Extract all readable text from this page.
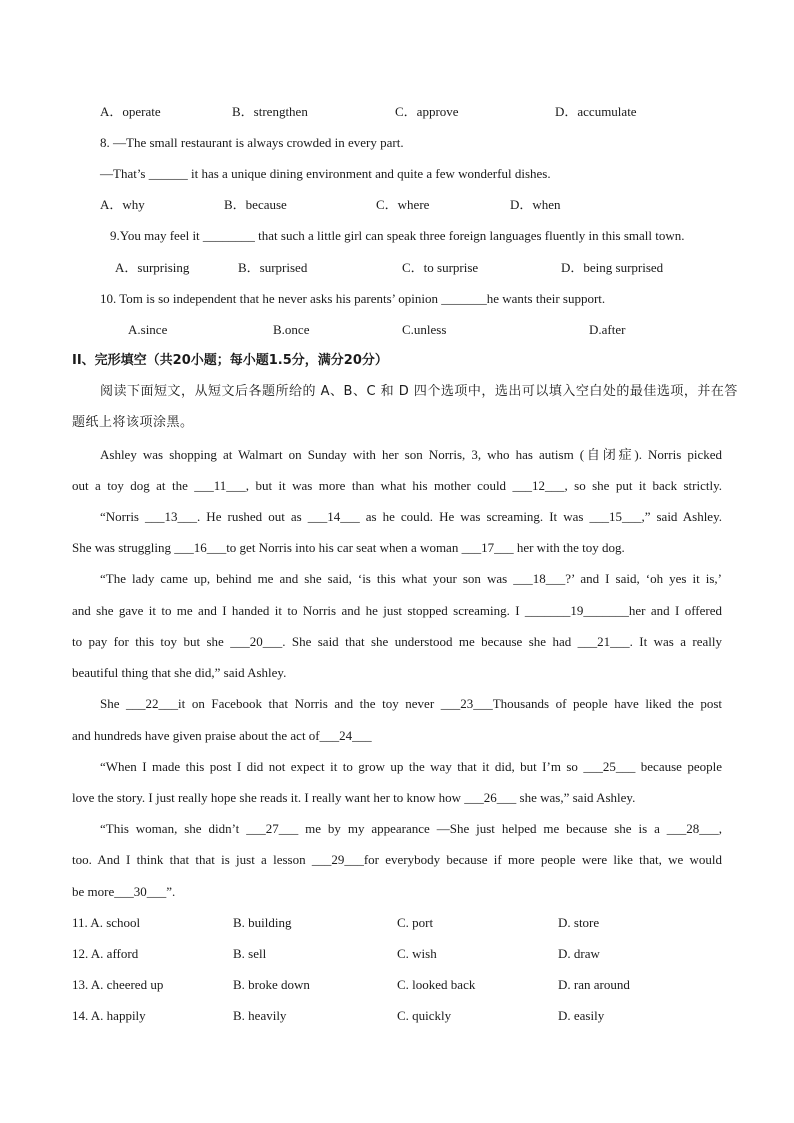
A．operate	B．strengthen	C．approve	D．accumulate
8. —The small restaurant is always crowded in every part.
—That’s ______ it has a unique dining environment and quite a few wonderful dishes.
A．why	B．because	C．where	D．when
9.You may feel it ________ that such a little girl can speak three foreign languages fluently in this small town.
A．surprising	B．surprised	C．to surprise	D．being surprised
10. Tom is so independent that he never asks his parents’ opinion _______he wants their support.
A.since	B.once	C.unless	D.after
II、完形填空（共20小题；每小题1.5分，满分20分）
阅读下面短文，从短文后各题所给的 A、B、C 和 D 四个选项中，选出可以填入空白处的最佳选项，并在答
题纸上将该项涂黑。
Ashley was shopping at Walmart on Sunday with her son Norris, 3, who has autism (自闭症). Norris picked
out a toy dog at the ___11___, but it was more than what his mother could ___12___, so she put it back strictly.
“Norris ___13___. He rushed out as ___14___ as he could. He was screaming. It was ___15___,” said Ashley.
She was struggling ___16___to get Norris into his car seat when a woman ___17___ her with the toy dog.
“The lady came up, behind me and she said, ‘is this what your son was ___18___?’ and I said, ‘oh yes it is,’
and she gave it to me and I handed it to Norris and he just stopped screaming. I _______19_______her and I offered
to pay for this toy but she ___20___. She said that she understood me because she had ___21___. It was a really
beautiful thing that she did,” said Ashley.
She ___22___it on Facebook that Norris and the toy never ___23___Thousands of people have liked the post
and hundreds have given praise about the act of___24___
“When I made this post I did not expect it to grow up the way that it did, but I’m so ___25___ because people
love the story. I just really hope she reads it. I really want her to know how ___26___ she was,” said Ashley.
“This woman, she didn’t ___27___ me by my appearance —She just helped me because she is a ___28___,
too. And I think that that is just a lesson ___29___for everybody because if more people were like that, we would
be more___30___”.
11. A. school	B. building	C. port	D. store
12. A. afford	B. sell	C. wish	D. draw
13. A. cheered up	B. broke down	C. looked back	D. ran around
14. A. happily	B. heavily	C. quickly	D. easily
